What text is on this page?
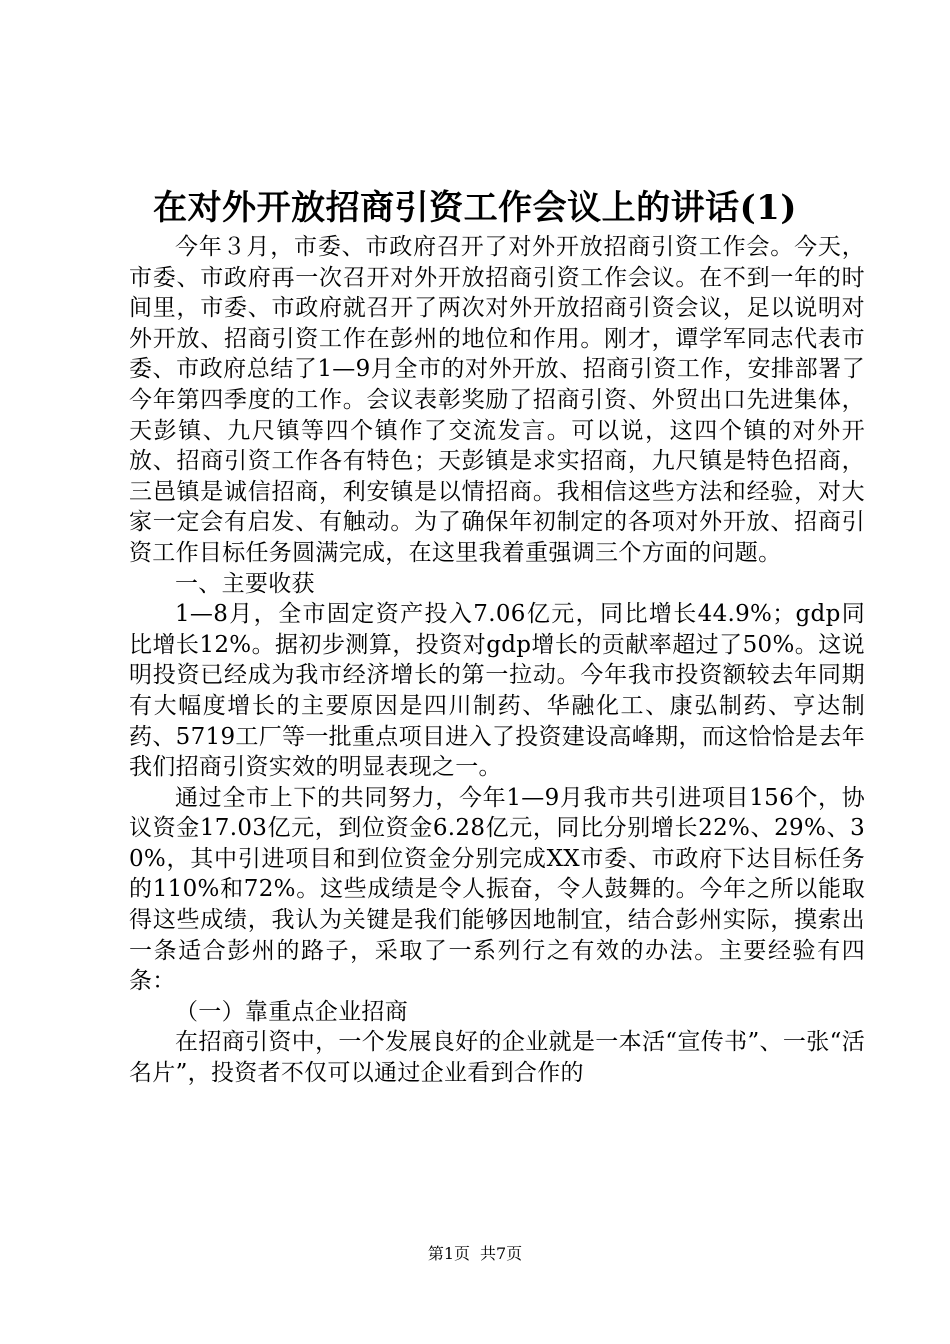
在对外开放招商引资工作会议上的讲话(1)

今年３月，市委、市政府召开了对外开放招商引资工作会。今天，市委、市政府再一次召开对外开放招商引资工作会议。在不到一年的时间里，市委、市政府就召开了两次对外开放招商引资会议，足以说明对外开放、招商引资工作在彭州的地位和作用。刚才，谭学军同志代表市委、市政府总结了1—9月全市的对外开放、招商引资工作，安排部署了今年第四季度的工作。会议表彰奖励了招商引资、外贸出口先进集体，天彭镇、九尺镇等四个镇作了交流发言。可以说，这四个镇的对外开放、招商引资工作各有特色；天彭镇是求实招商，九尺镇是特色招商，三邑镇是诚信招商，利安镇是以情招商。我相信这些方法和经验，对大家一定会有启发、有触动。为了确保年初制定的各项对外开放、招商引资工作目标任务圆满完成，在这里我着重强调三个方面的问题。

一、主要收获

1—8月，全市固定资产投入7.06亿元，同比增长44.9%；gdp同比增长12%。据初步测算，投资对gdp增长的贡献率超过了50%。这说明投资已经成为我市经济增长的第一拉动。今年我市投资额较去年同期有大幅度增长的主要原因是四川制药、华融化工、康弘制药、亨达制药、5719工厂等一批重点项目进入了投资建设高峰期，而这恰恰是去年我们招商引资实效的明显表现之一。

通过全市上下的共同努力，今年1—9月我市共引进项目156个，协议资金17.03亿元，到位资金6.28亿元，同比分别增长22%、29%、30%，其中引进项目和到位资金分别完成XX市委、市政府下达目标任务的110%和72%。这些成绩是令人振奋，令人鼓舞的。今年之所以能取得这些成绩，我认为关键是我们能够因地制宜，结合彭州实际，摸索出一条适合彭州的路子，采取了一系列行之有效的办法。主要经验有四条：

（一）靠重点企业招商

在招商引资中，一个发展良好的企业就是一本活“宣传书”、一张“活名片”，投资者不仅可以通过企业看到合作的

第1页 共7页
